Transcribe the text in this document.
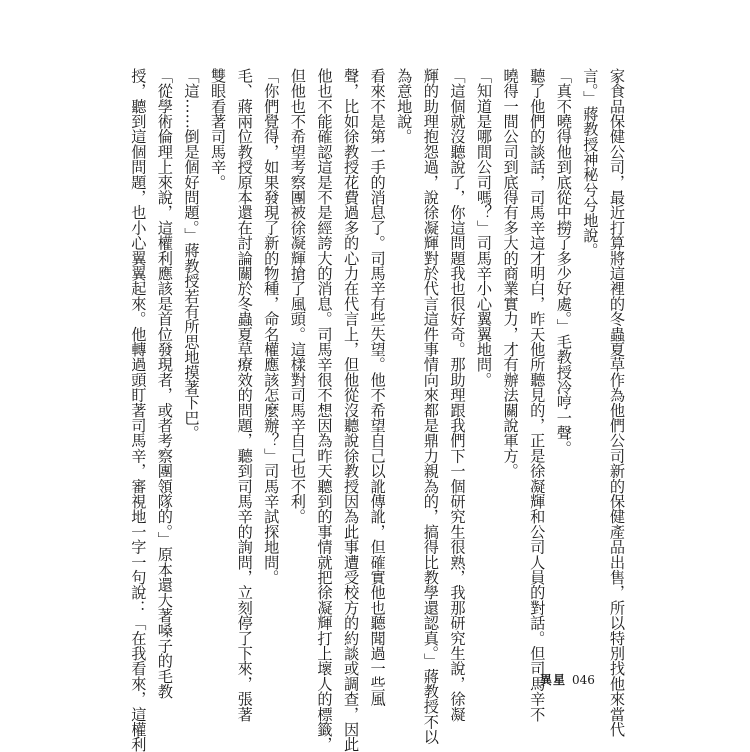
家食品保健公司，最近打算將這裡的冬蟲夏草作為他們公司新的保健產品出售，所以特別找他來當代
言。」蔣教授神秘兮兮地說。
「真不曉得他到底從中撈了多少好處。」毛教授冷哼一聲。
聽了他們的談話，司馬辛這才明白，昨天他所聽見的，正是徐凝輝和公司人員的對話。但司馬辛不
曉得一間公司到底得有多大的商業實力，才有辦法關說軍方。
「知道是哪間公司嗎？」司馬辛小心翼翼地問。
「這個就沒聽說了，你這問題我也很好奇。那助理跟我們下一個研究生很熟，我那研究生說，徐凝
輝的助理抱怨過，說徐凝輝對於代言這件事情向來都是鼎力親為的，搞得比教學還認真。」蔣教授不以
為意地說。
看來不是第一手的消息了。司馬辛有些失望。他不希望自己以訛傳訛，但確實他也聽聞過一些風
聲，比如徐教授花費過多的心力在代言上，但他從沒聽說徐教授因為此事遭受校方的約談或調查，因此
他也不能確認這是不是經誇大的消息。司馬辛很不想因為昨天聽到的事情就把徐凝輝打上壞人的標籤，
但他也不希望考察團被徐凝輝搶了風頭。這樣對司馬辛自己也不利。
「你們覺得，如果發現了新的物種，命名權應該怎麼辦？」司馬辛試探地問。
毛、蔣兩位教授原本還在討論關於冬蟲夏草療效的問題，聽到司馬辛的詢問，立刻停了下來，張著
雙眼看著司馬辛。
「這……倒是個好問題。」蔣教授若有所思地摸著下巴。
「從學術倫理上來說，這權利應該是首位發現者，或者考察團領隊的。」原本還大著嗓子的毛教
授，聽到這個問題，也小心翼翼起來。他轉過頭盯著司馬辛，審視地一字一句說：「在我看來，這權利	異星 046
